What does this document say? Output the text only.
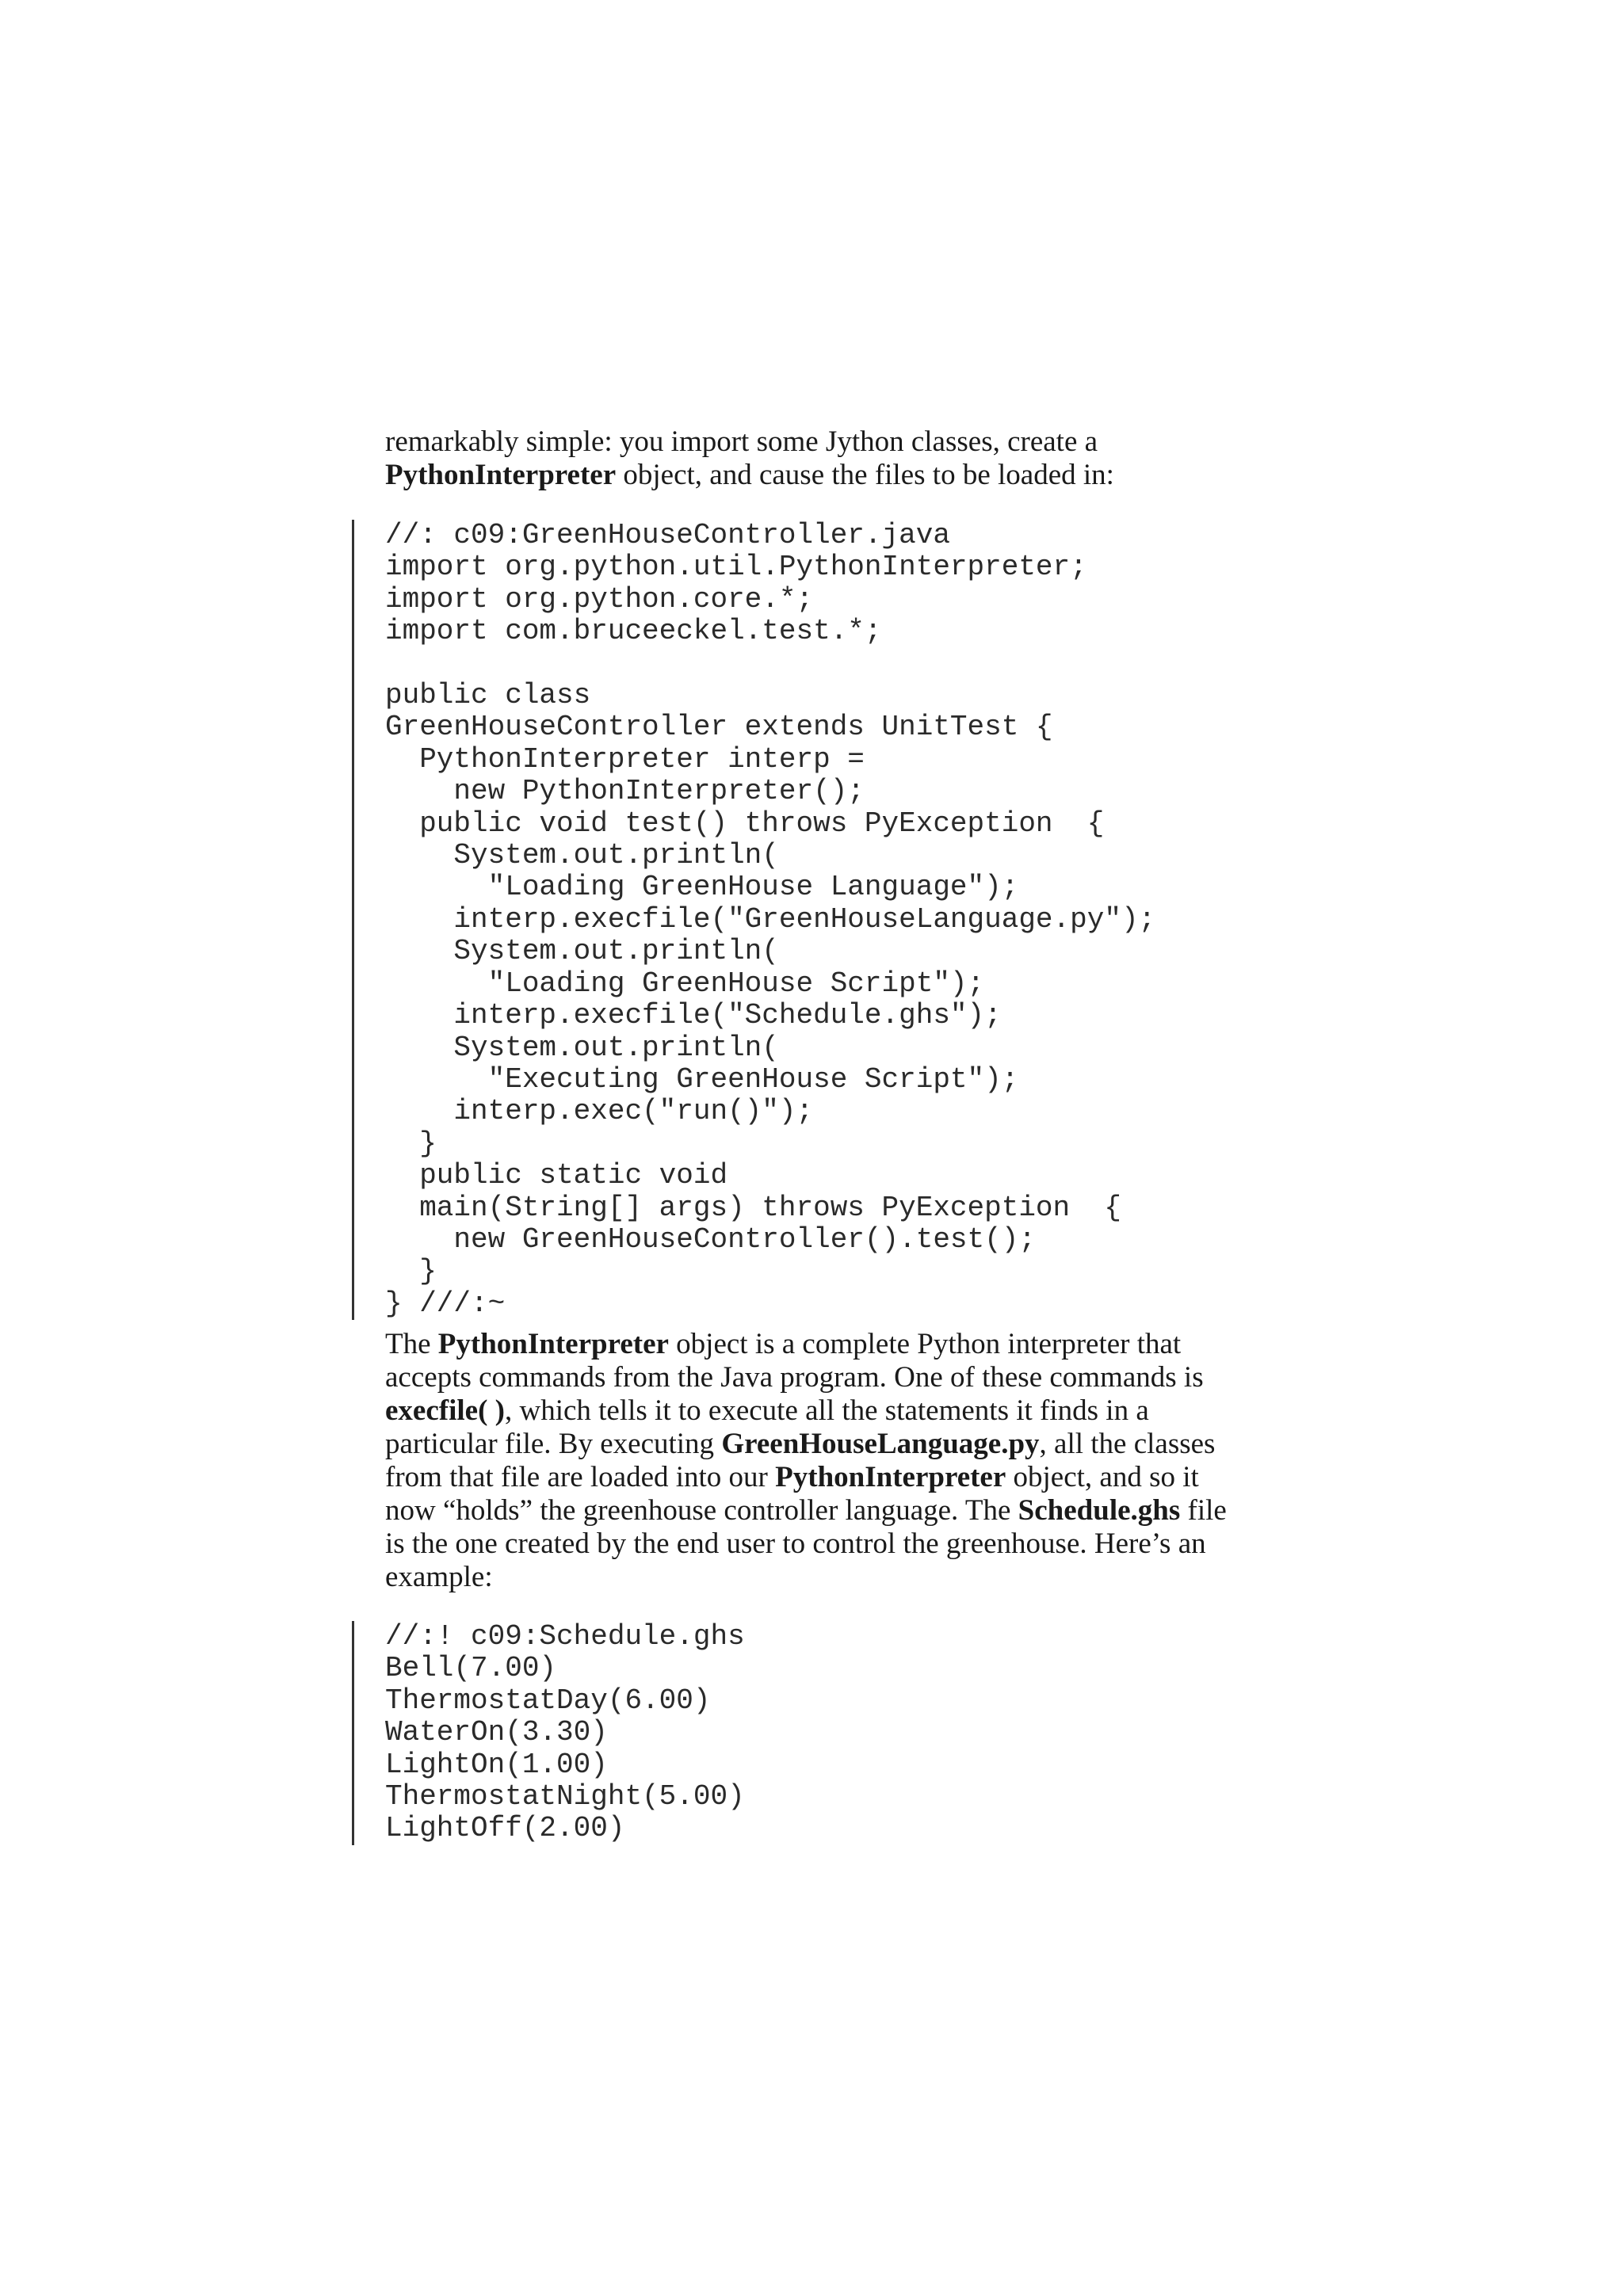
remarkably simple: you import some Jython classes, create a
PythonInterpreter object, and cause the files to be loaded in:

//: c09:GreenHouseController.java
import org.python.util.PythonInterpreter;
import org.python.core.*;
import com.bruceeckel.test.*;

public class
GreenHouseController extends UnitTest {
PythonInterpreter interp =
new PythonInterpreter();
public void test() throws PyException  {
System.out.println(
"Loading GreenHouse Language");
interp.execfile("GreenHouseLanguage.py");
System.out.println(
"Loading GreenHouse Script");
interp.execfile("Schedule.ghs");
System.out.println(
"Executing GreenHouse Script");
interp.exec("run()");
}
public static void
main(String[] args) throws PyException  {
new GreenHouseController().test();
}
} ///:~

The PythonInterpreter object is a complete Python interpreter that
accepts commands from the Java program. One of these commands is
execfile( ), which tells it to execute all the statements it finds in a
particular file. By executing GreenHouseLanguage.py, all the classes
from that file are loaded into our PythonInterpreter object, and so it
now “holds” the greenhouse controller language. The Schedule.ghs file
is the one created by the end user to control the greenhouse. Here’s an
example:

//:! c09:Schedule.ghs
Bell(7.00)
ThermostatDay(6.00)
WaterOn(3.30)
LightOn(1.00)
ThermostatNight(5.00)
LightOff(2.00)
